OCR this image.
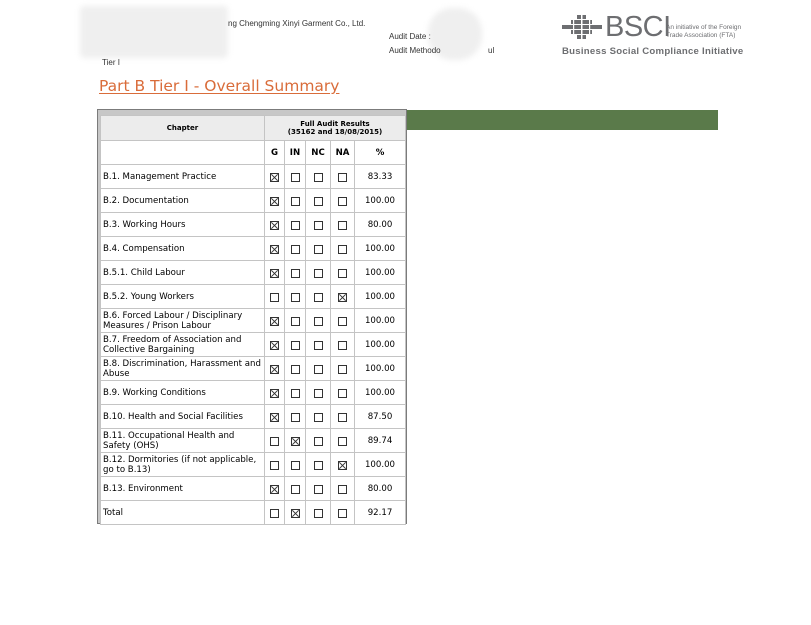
ng Chengming Xinyi Garment Co., Ltd.
Audit Date :
Audit Methodo	ul
Tier I
BSCI
An initiative of the Foreign
Trade Association (FTA)
Business Social Compliance Initiative
Part B Tier I - Overall Summary
Chapter	Full Audit Results
(35162 and 18/08/2015)				

	G	IN	NC	NA	%
B.1. Management Practice					83.33
B.2. Documentation					100.00
B.3. Working Hours					80.00
B.4. Compensation					100.00
B.5.1. Child Labour					100.00
B.5.2. Young Workers					100.00
B.6. Forced Labour / Disciplinary Measures / Prison Labour					100.00
B.7. Freedom of Association and Collective Bargaining					100.00
B.8. Discrimination, Harassment and Abuse					100.00
B.9. Working Conditions					100.00
B.10. Health and Social Facilities					87.50
B.11. Occupational Health and Safety (OHS)					89.74
B.12. Dormitories (if not applicable, go to B.13)					100.00
B.13. Environment					80.00
Total					92.17
